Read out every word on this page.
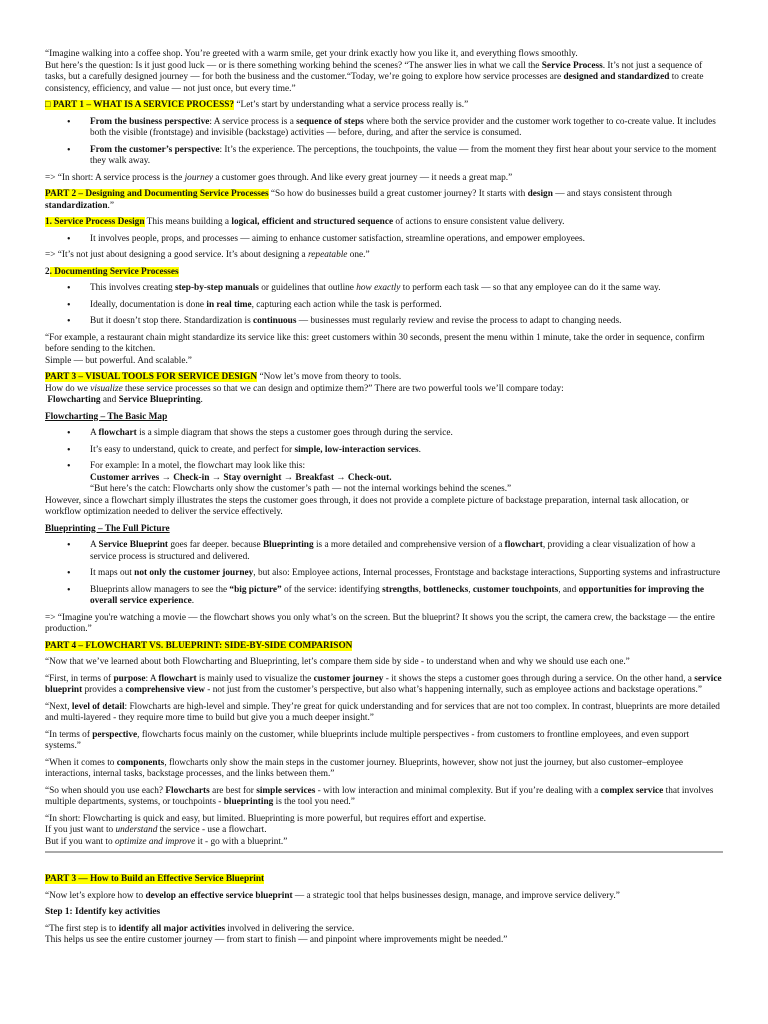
“Imagine walking into a coffee shop. You’re greeted with a warm smile, get your drink exactly how you like it, and everything flows smoothly.
But here’s the question: Is it just good luck — or is there something working behind the scenes? “The answer lies in what we call the Service Process. It’s not just a sequence of tasks, but a carefully designed journey — for both the business and the customer.“Today, we’re going to explore how service processes are designed and standardized to create consistency, efficiency, and value — not just once, but every time.”

□ PART 1 – WHAT IS A SERVICE PROCESS? “Let’s start by understanding what a service process really is.”

• From the business perspective: A service process is a sequence of steps where both the service provider and the customer work together to co-create value. It includes both the visible (frontstage) and invisible (backstage) activities — before, during, and after the service is consumed.
• From the customer’s perspective: It’s the experience. The perceptions, the touchpoints, the value — from the moment they first hear about your service to the moment they walk away.

=> “In short: A service process is the journey a customer goes through. And like every great journey — it needs a great map.”

PART 2 – Designing and Documenting Service Processes “So how do businesses build a great customer journey? It starts with design — and stays consistent through standardization.”

1. Service Process Design This means building a logical, efficient and structured sequence of actions to ensure consistent value delivery.

• It involves people, props, and processes — aiming to enhance customer satisfaction, streamline operations, and empower employees.

=> “It’s not just about designing a good service. It’s about designing a repeatable one.”

2. Documenting Service Processes

• This involves creating step-by-step manuals or guidelines that outline how exactly to perform each task — so that any employee can do it the same way.
• Ideally, documentation is done in real time, capturing each action while the task is performed.
• But it doesn’t stop there. Standardization is continuous — businesses must regularly review and revise the process to adapt to changing needs.

“For example, a restaurant chain might standardize its service like this: greet customers within 30 seconds, present the menu within 1 minute, take the order in sequence, confirm before sending to the kitchen.
Simple — but powerful. And scalable.”

PART 3 – VISUAL TOOLS FOR SERVICE DESIGN “Now let’s move from theory to tools.
How do we visualize these service processes so that we can design and optimize them?” There are two powerful tools we’ll compare today:
Flowcharting and Service Blueprinting.

Flowcharting – The Basic Map

• A flowchart is a simple diagram that shows the steps a customer goes through during the service.
• It’s easy to understand, quick to create, and perfect for simple, low-interaction services.
• For example: In a motel, the flowchart may look like this:
Customer arrives → Check-in → Stay overnight → Breakfast → Check-out.
“But here’s the catch: Flowcharts only show the customer’s path — not the internal workings behind the scenes.”

However, since a flowchart simply illustrates the steps the customer goes through, it does not provide a complete picture of backstage preparation, internal task allocation, or workflow optimization needed to deliver the service effectively.

Blueprinting – The Full Picture

• A Service Blueprint goes far deeper. because Blueprinting is a more detailed and comprehensive version of a flowchart, providing a clear visualization of how a service process is structured and delivered.
• It maps out not only the customer journey, but also: Employee actions, Internal processes, Frontstage and backstage interactions, Supporting systems and infrastructure
• Blueprints allow managers to see the “big picture” of the service: identifying strengths, bottlenecks, customer touchpoints, and opportunities for improving the overall service experience.

=> “Imagine you're watching a movie — the flowchart shows you only what’s on the screen. But the blueprint? It shows you the script, the camera crew, the backstage — the entire production.”

PART 4 – FLOWCHART VS. BLUEPRINT: SIDE-BY-SIDE COMPARISON

“Now that we’ve learned about both Flowcharting and Blueprinting, let’s compare them side by side - to understand when and why we should use each one.”

“First, in terms of purpose: A flowchart is mainly used to visualize the customer journey - it shows the steps a customer goes through during a service. On the other hand, a service blueprint provides a comprehensive view - not just from the customer’s perspective, but also what’s happening internally, such as employee actions and backstage operations.”

“Next, level of detail: Flowcharts are high-level and simple. They’re great for quick understanding and for services that are not too complex. In contrast, blueprints are more detailed and multi-layered - they require more time to build but give you a much deeper insight.”

“In terms of perspective, flowcharts focus mainly on the customer, while blueprints include multiple perspectives - from customers to frontline employees, and even support systems.”

“When it comes to components, flowcharts only show the main steps in the customer journey. Blueprints, however, show not just the journey, but also customer–employee interactions, internal tasks, backstage processes, and the links between them.”

“So when should you use each? Flowcharts are best for simple services - with low interaction and minimal complexity. But if you’re dealing with a complex service that involves multiple departments, systems, or touchpoints - blueprinting is the tool you need.”

“In short: Flowcharting is quick and easy, but limited. Blueprinting is more powerful, but requires effort and expertise.
If you just want to understand the service - use a flowchart.
But if you want to optimize and improve it - go with a blueprint.”

PART 3 — How to Build an Effective Service Blueprint

“Now let’s explore how to develop an effective service blueprint — a strategic tool that helps businesses design, manage, and improve service delivery.”

Step 1: Identify key activities

“The first step is to identify all major activities involved in delivering the service.
This helps us see the entire customer journey — from start to finish — and pinpoint where improvements might be needed.”
